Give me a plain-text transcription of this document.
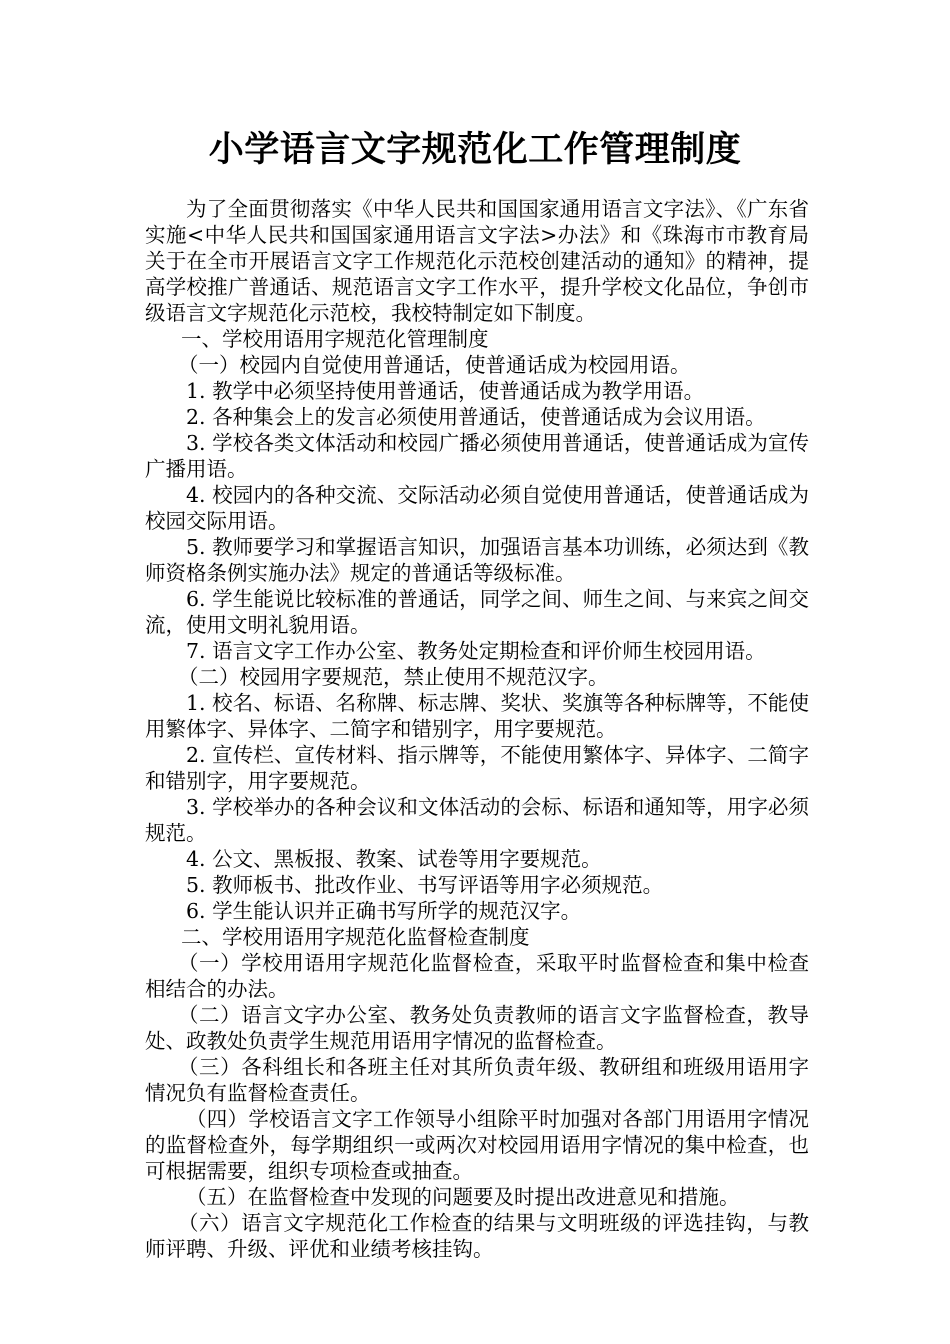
小学语言文字规范化工作管理制度

为了全面贯彻落实《中华人民共和国国家通用语言文字法》、《广东省实施<中华人民共和国国家通用语言文字法>办法》和《珠海市市教育局关于在全市开展语言文字工作规范化示范校创建活动的通知》的精神，提高学校推广普通话、规范语言文字工作水平，提升学校文化品位，争创市级语言文字规范化示范校，我校特制定如下制度。

一、学校用语用字规范化管理制度

（一）校园内自觉使用普通话，使普通话成为校园用语。

1. 教学中必须坚持使用普通话，使普通话成为教学用语。

2. 各种集会上的发言必须使用普通话，使普通话成为会议用语。

3. 学校各类文体活动和校园广播必须使用普通话，使普通话成为宣传广播用语。

4. 校园内的各种交流、交际活动必须自觉使用普通话，使普通话成为校园交际用语。

5. 教师要学习和掌握语言知识，加强语言基本功训练，必须达到《教师资格条例实施办法》规定的普通话等级标准。

6. 学生能说比较标准的普通话，同学之间、师生之间、与来宾之间交流，使用文明礼貌用语。

7. 语言文字工作办公室、教务处定期检查和评价师生校园用语。

（二）校园用字要规范，禁止使用不规范汉字。

1. 校名、标语、名称牌、标志牌、奖状、奖旗等各种标牌等，不能使用繁体字、异体字、二简字和错别字，用字要规范。

2. 宣传栏、宣传材料、指示牌等，不能使用繁体字、异体字、二简字和错别字，用字要规范。

3. 学校举办的各种会议和文体活动的会标、标语和通知等，用字必须规范。

4. 公文、黑板报、教案、试卷等用字要规范。

5. 教师板书、批改作业、书写评语等用字必须规范。

6. 学生能认识并正确书写所学的规范汉字。

二、学校用语用字规范化监督检查制度

（一）学校用语用字规范化监督检查，采取平时监督检查和集中检查相结合的办法。

（二）语言文字办公室、教务处负责教师的语言文字监督检查，教导处、政教处负责学生规范用语用字情况的监督检查。

（三）各科组长和各班主任对其所负责年级、教研组和班级用语用字情况负有监督检查责任。

（四）学校语言文字工作领导小组除平时加强对各部门用语用字情况的监督检查外，每学期组织一或两次对校园用语用字情况的集中检查，也可根据需要，组织专项检查或抽查。

（五）在监督检查中发现的问题要及时提出改进意见和措施。

（六）语言文字规范化工作检查的结果与文明班级的评选挂钩，与教师评聘、升级、评优和业绩考核挂钩。
